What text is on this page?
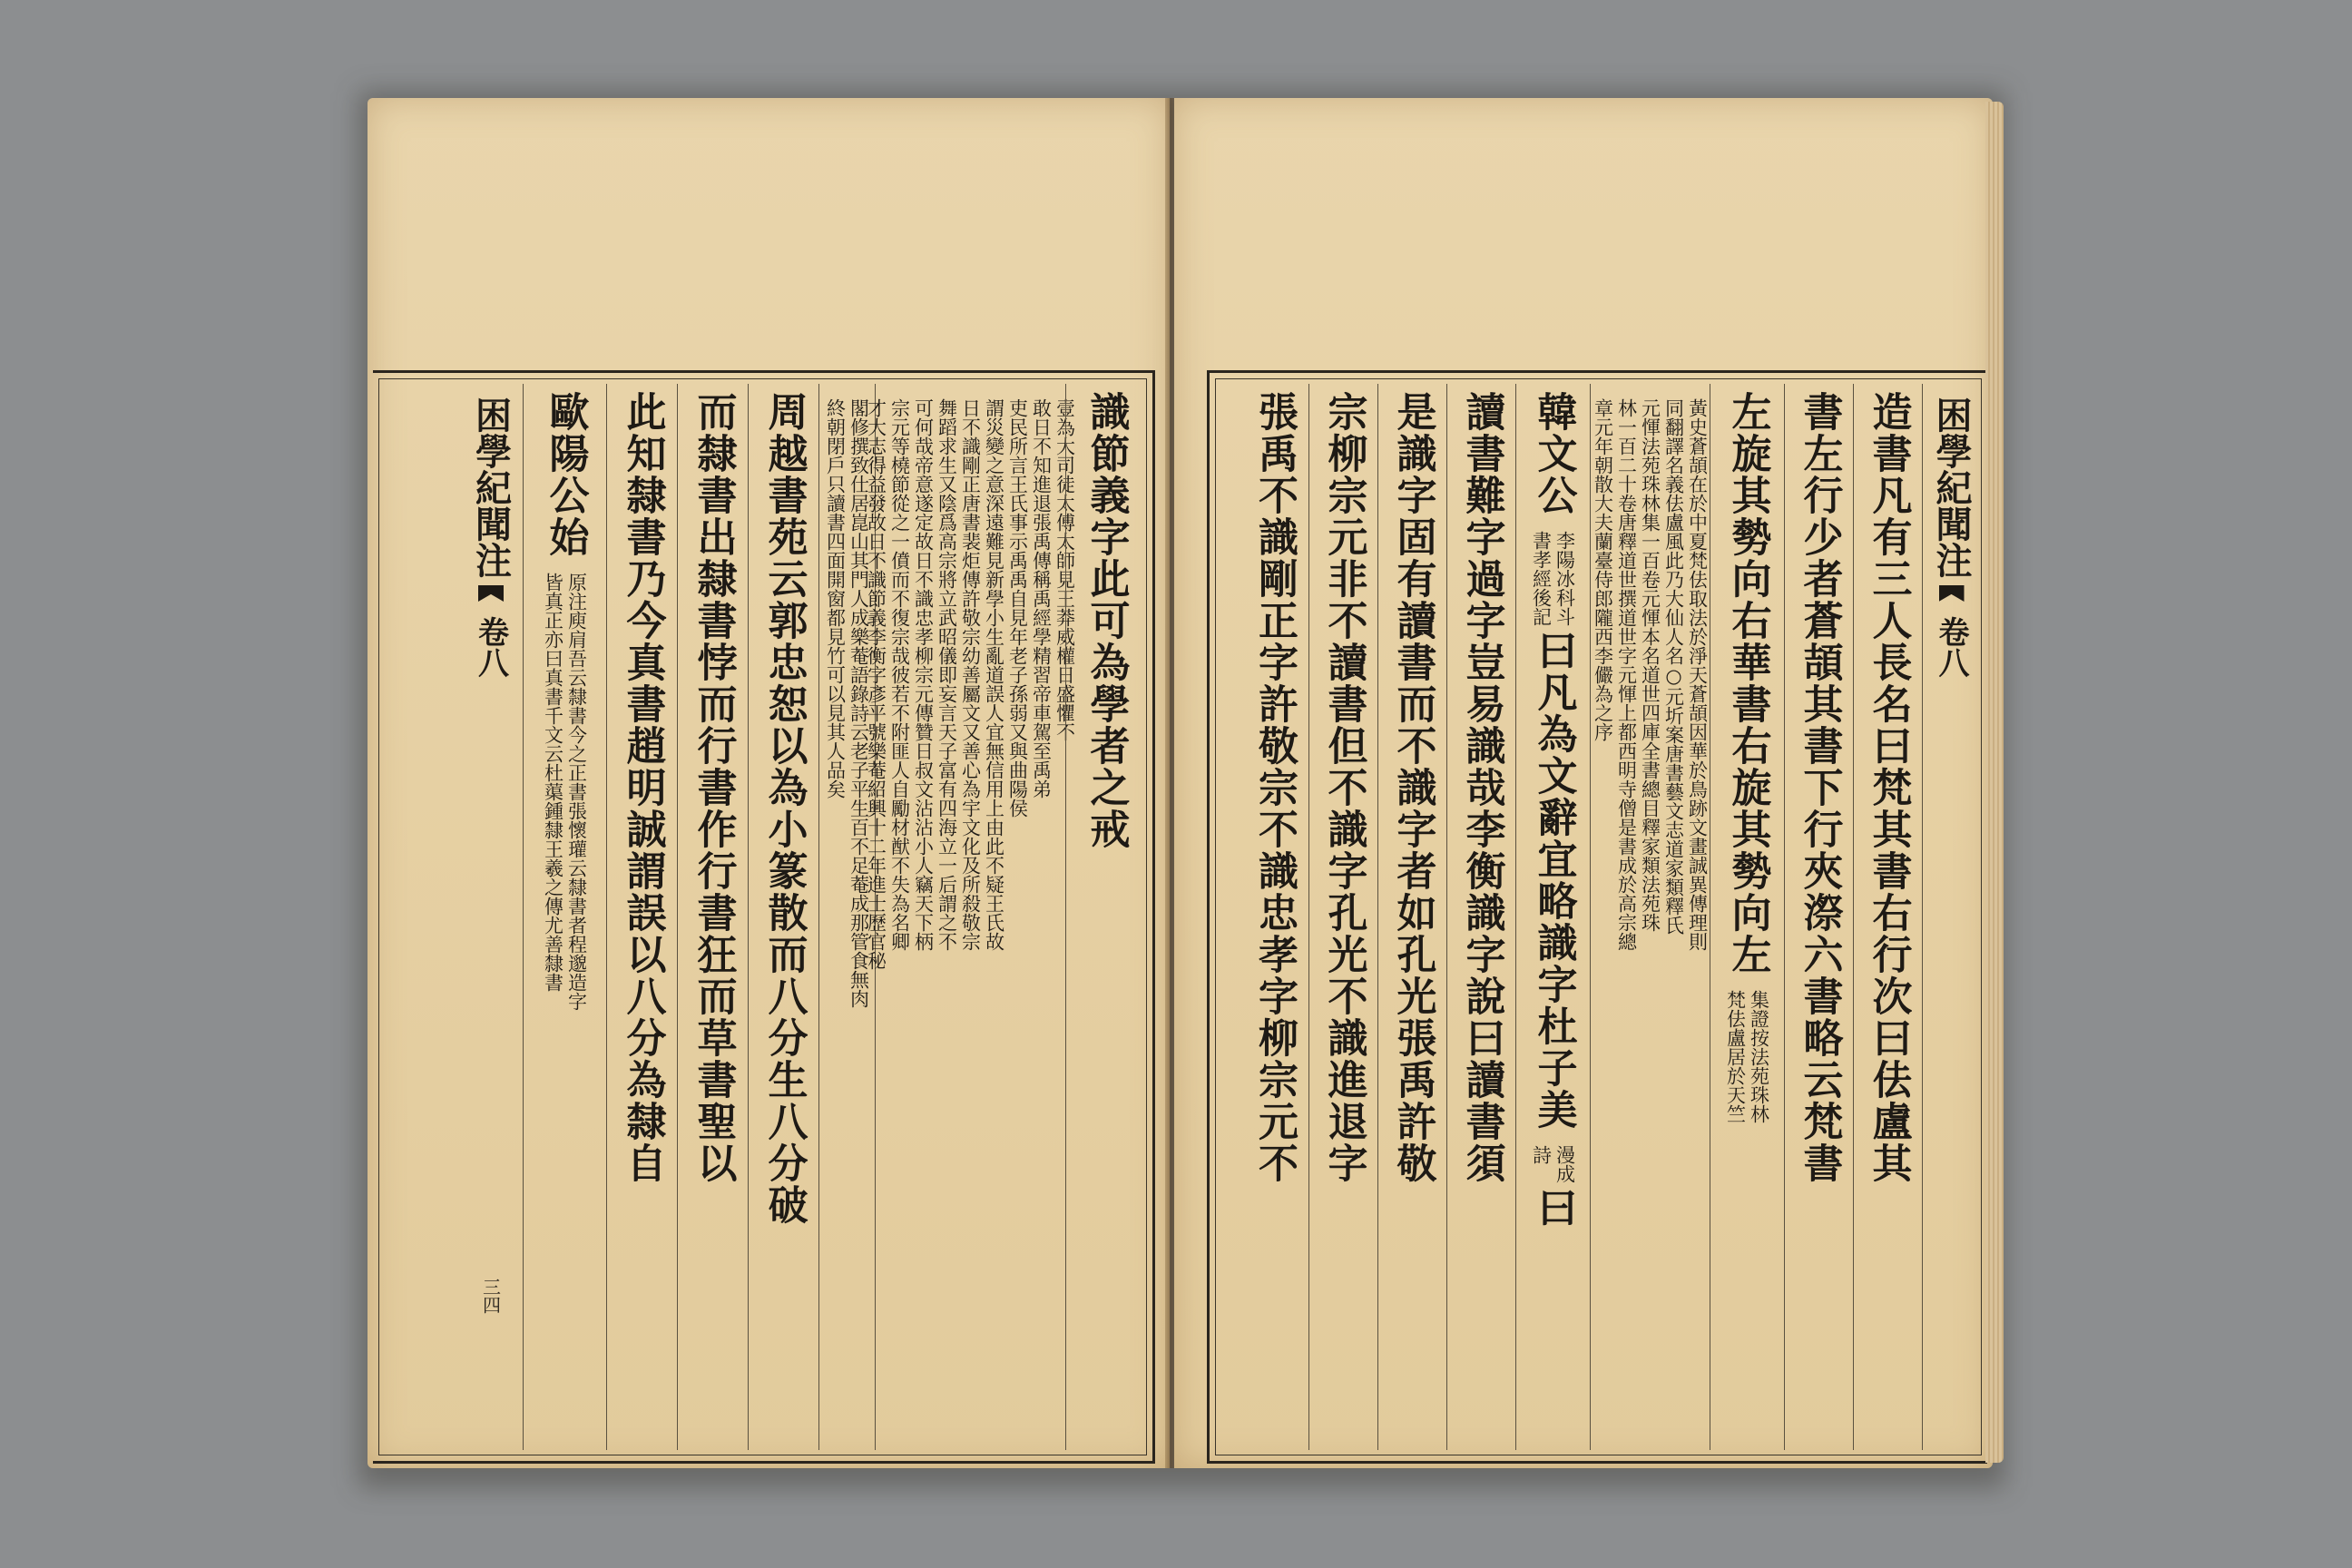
識節義字此可為學者之戒
壹為大司徒太傅太師見王莽威權日盛懼不
敢日不知進退張禹傳稱禹經學精習帝車駕至禹弟
吏民所言王氏事示禹禹自見年老子孫弱又與曲陽侯
謂災變之意深遠難見新學小生亂道誤人宜無信用上由此不疑王氏故
日不識剛正唐書裴炬傳許敬宗幼善屬文又善心為宇文化及所殺敬宗
舞蹈求生又陰爲高宗將立武昭儀即妄言天子富有四海立一后謂之不
可何哉帝意遂定故日不識忠孝柳宗元傳贊日叔文沾沾小人竊天下柄
宗元等橈節從之一僨而不復宗哉彼若不附匪人自勵材猷不失為名卿
才大志得益發故日不識節義李衡字彥平號樂菴紹興十二年進士歷官秘
閣修撰致仕居崑山其門人成樂菴語錄詩云老子平生百不足菴成那管食無肉
終朝閉戶只讀書四面開窗都見竹可以見其人品矣
周越書苑云郭忠恕以為小篆散而八分生八分破
而隸書出隸書悖而行書作行書狂而草書聖以
此知隸書乃今真書趙明誠謂誤以八分為隸自
歐陽公始
原注庾肩吾云隸書今之正書張懷瓘云隸書者程邈造字
皆真正亦曰真書千文云杜蕖鍾隸王羲之傳尤善隸書
困學紀聞注
卷八
三四
困學紀聞注
卷八
造書凡有三人長名曰梵其書右行次曰佉盧其
書左行少者蒼頡其書下行夾漈六書略云梵書
左旋其勢向右華書右旋其勢向左
集證按法苑珠林
梵佉盧居於天竺
黃史蒼頡在於中夏梵佉取法於淨天蒼頡因華於鳥跡文畫誠異傳理則
同翻譯名義佉盧風此乃大仙人名○元圻案唐書藝文志道家類釋氏
元惲法苑珠林集一百卷元惲本名道世四庫全書總目釋家類法苑珠
林一百二十卷唐釋道世撰道世字元惲上都西明寺僧是書成於高宗總
章元年朝散大夫蘭臺侍郎隴西李儼為之序
韓文公
李陽冰科斗
書孝經後記
曰凡為文辭宜略識字杜子美
漫成
詩
曰
讀書難字過字豈易識哉李衡識字說曰讀書須
是識字固有讀書而不識字者如孔光張禹許敬
宗柳宗元非不讀書但不識字孔光不識進退字
張禹不識剛正字許敬宗不識忠孝字柳宗元不
